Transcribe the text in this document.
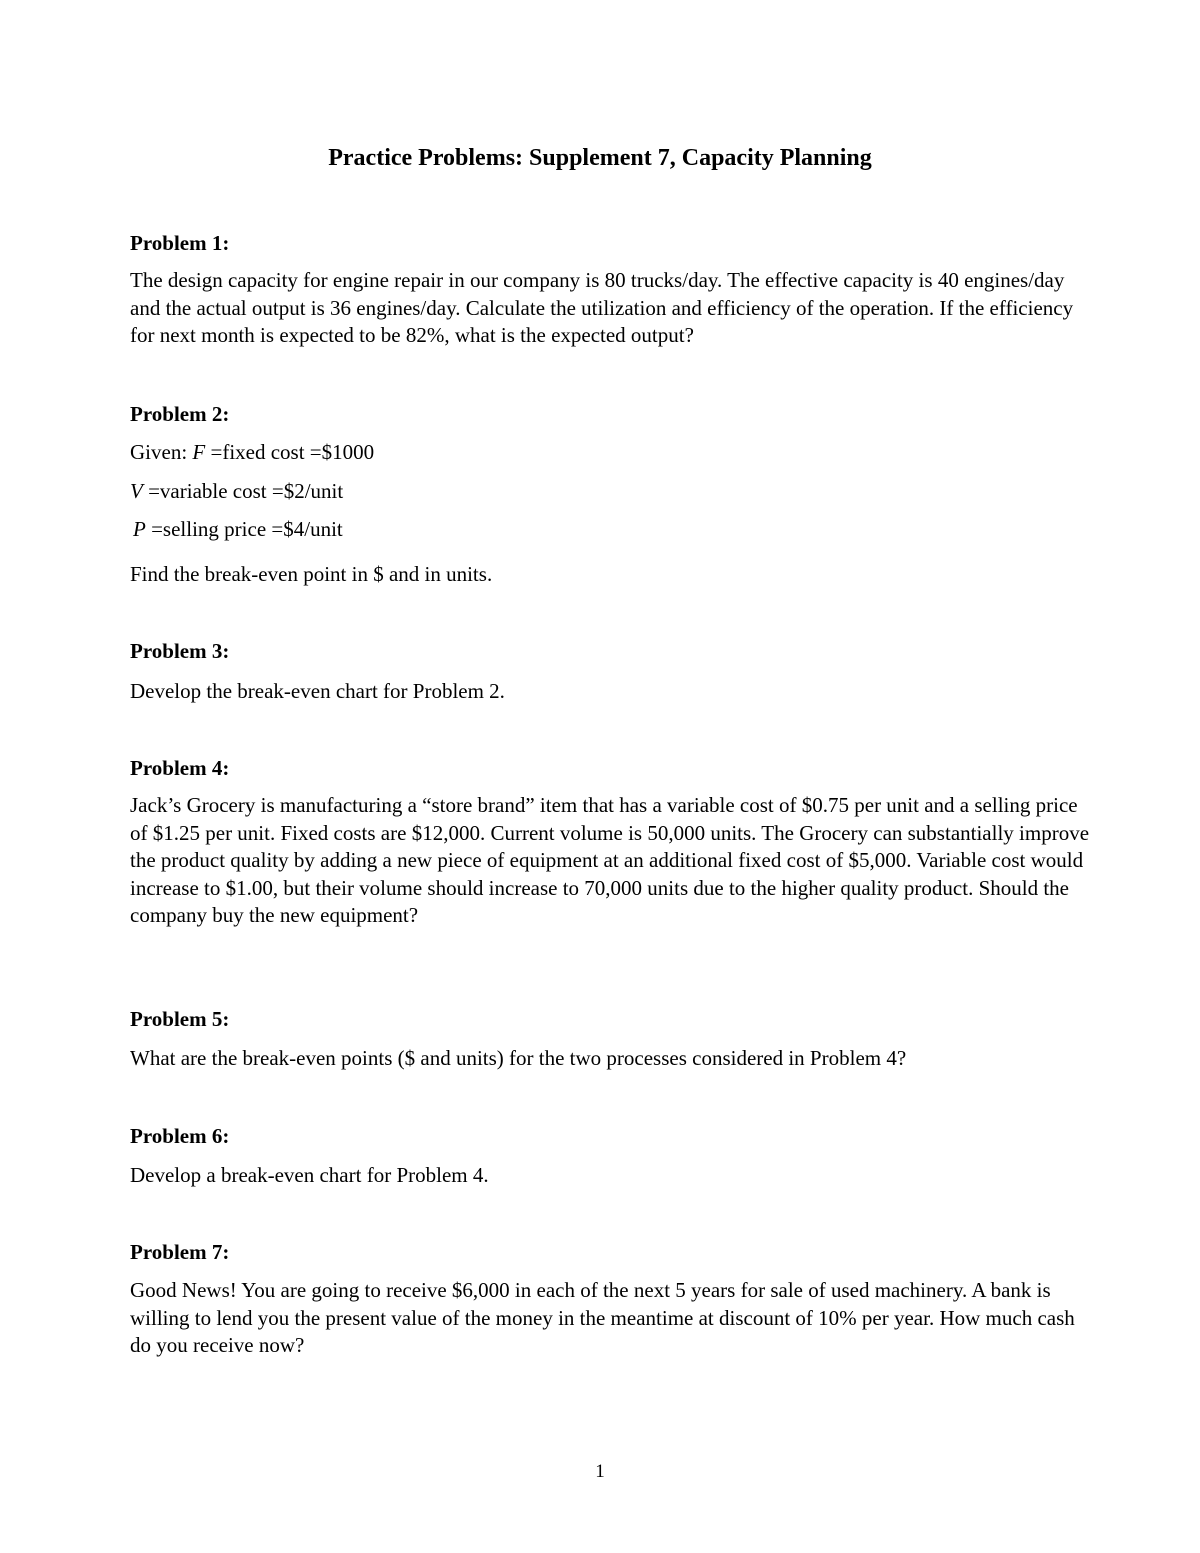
Practice Problems: Supplement 7, Capacity Planning
Problem 1:
The design capacity for engine repair in our company is 80 trucks/day. The effective capacity is 40 engines/day and the actual output is 36 engines/day. Calculate the utilization and efficiency of the operation. If the efficiency for next month is expected to be 82%, what is the expected output?
Problem 2:
Given: F =fixed cost =$1000
V =variable cost =$2/unit
P =selling price =$4/unit
Find the break-even point in $ and in units.
Problem 3:
Develop the break-even chart for Problem 2.
Problem 4:
Jack’s Grocery is manufacturing a “store brand” item that has a variable cost of $0.75 per unit and a selling price of $1.25 per unit. Fixed costs are $12,000. Current volume is 50,000 units. The Grocery can substantially improve the product quality by adding a new piece of equipment at an additional fixed cost of $5,000. Variable cost would increase to $1.00, but their volume should increase to 70,000 units due to the higher quality product. Should the company buy the new equipment?
Problem 5:
What are the break-even points ($ and units) for the two processes considered in Problem 4?
Problem 6:
Develop a break-even chart for Problem 4.
Problem 7:
Good News! You are going to receive $6,000 in each of the next 5 years for sale of used machinery. A bank is willing to lend you the present value of the money in the meantime at discount of 10% per year. How much cash do you receive now?
1
